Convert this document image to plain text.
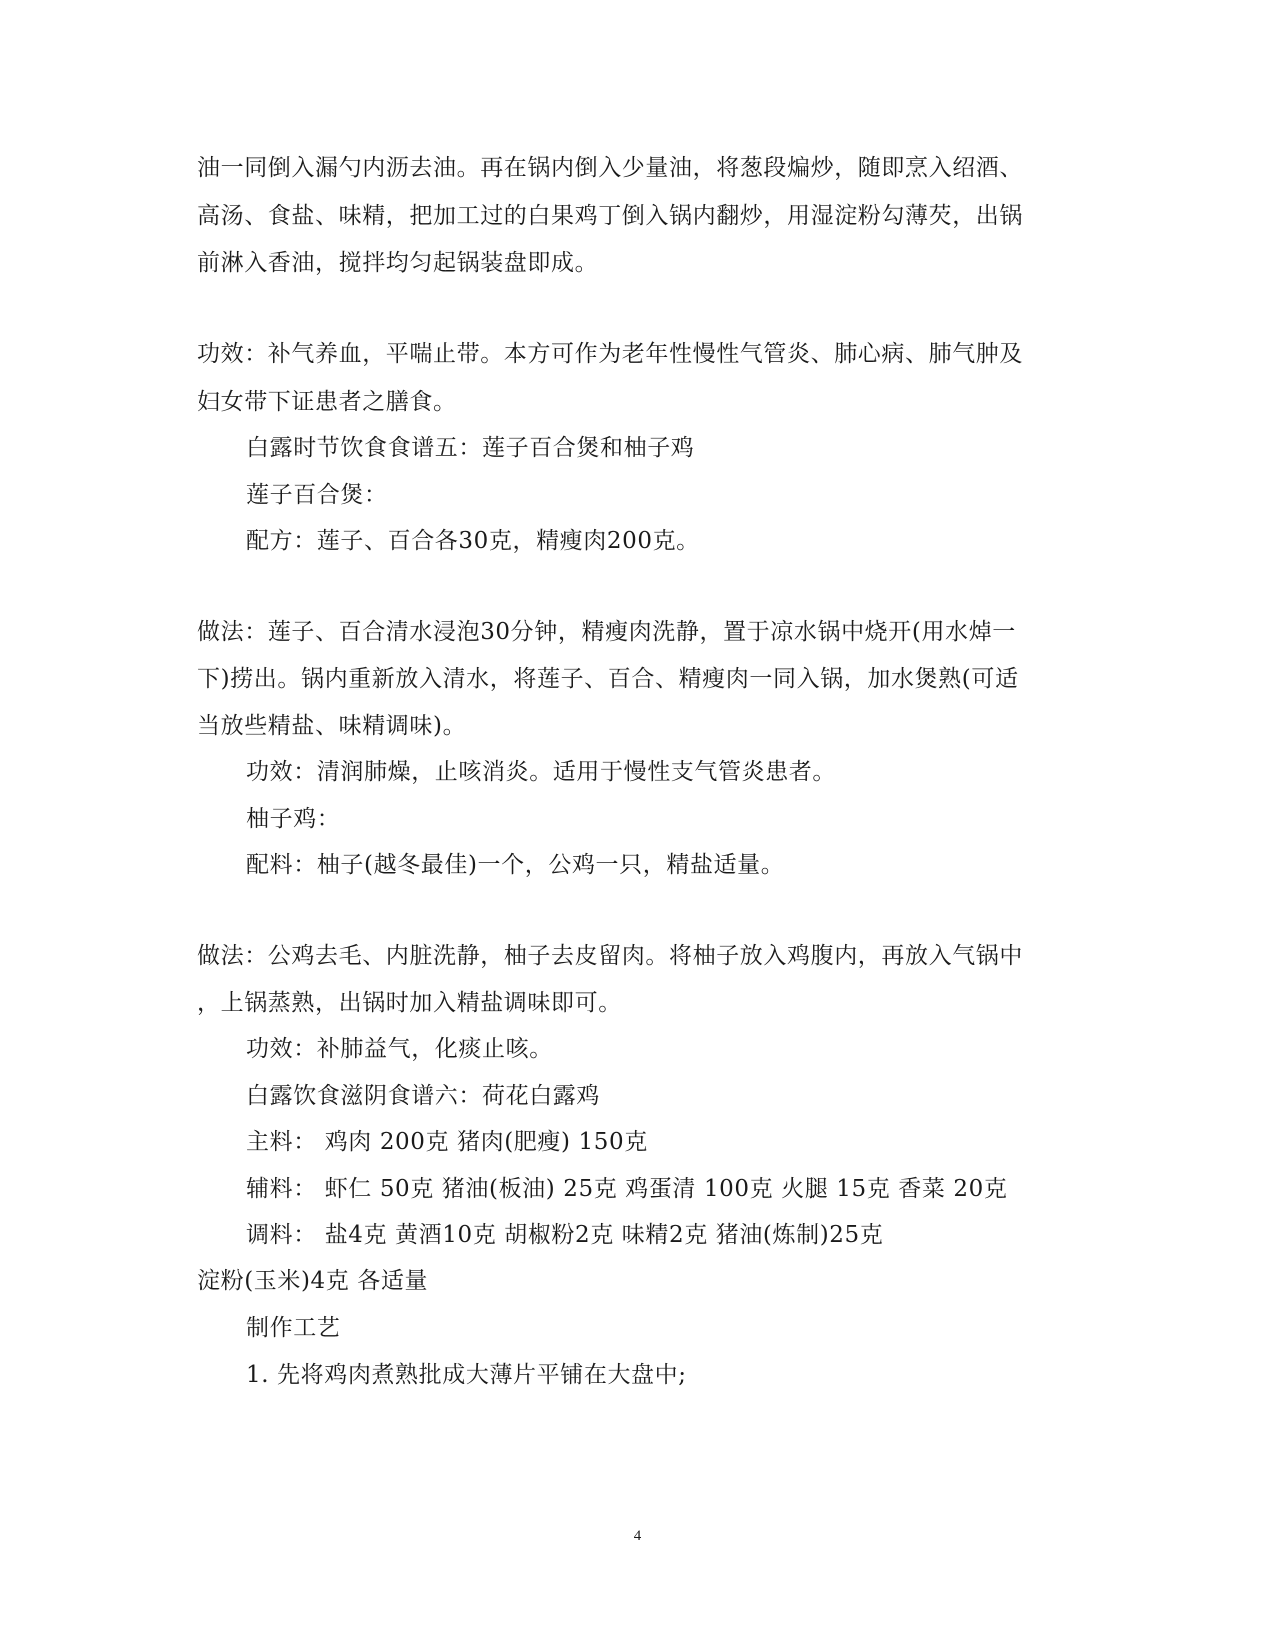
油一同倒入漏勺内沥去油。再在锅内倒入少量油，将葱段煸炒，随即烹入绍酒、
高汤、食盐、味精，把加工过的白果鸡丁倒入锅内翻炒，用湿淀粉勾薄芡，出锅
前淋入香油，搅拌均匀起锅装盘即成。
功效：补气养血，平喘止带。本方可作为老年性慢性气管炎、肺心病、肺气肿及
妇女带下证患者之膳食。
白露时节饮食食谱五：莲子百合煲和柚子鸡
莲子百合煲：
配方：莲子、百合各30克，精瘦肉200克。
做法：莲子、百合清水浸泡30分钟，精瘦肉洗静，置于凉水锅中烧开(用水焯一
下)捞出。锅内重新放入清水，将莲子、百合、精瘦肉一同入锅，加水煲熟(可适
当放些精盐、味精调味)。
功效：清润肺燥，止咳消炎。适用于慢性支气管炎患者。
柚子鸡：
配料：柚子(越冬最佳)一个，公鸡一只，精盐适量。
做法：公鸡去毛、内脏洗静，柚子去皮留肉。将柚子放入鸡腹内，再放入气锅中
，上锅蒸熟，出锅时加入精盐调味即可。
功效：补肺益气，化痰止咳。
白露饮食滋阴食谱六：荷花白露鸡
主料： 鸡肉 200克 猪肉(肥瘦) 150克
辅料： 虾仁 50克 猪油(板油) 25克 鸡蛋清 100克 火腿 15克 香菜 20克
调料： 盐4克 黄酒10克 胡椒粉2克 味精2克 猪油(炼制)25克
淀粉(玉米)4克 各适量
制作工艺
1. 先将鸡肉煮熟批成大薄片平铺在大盘中;
4
